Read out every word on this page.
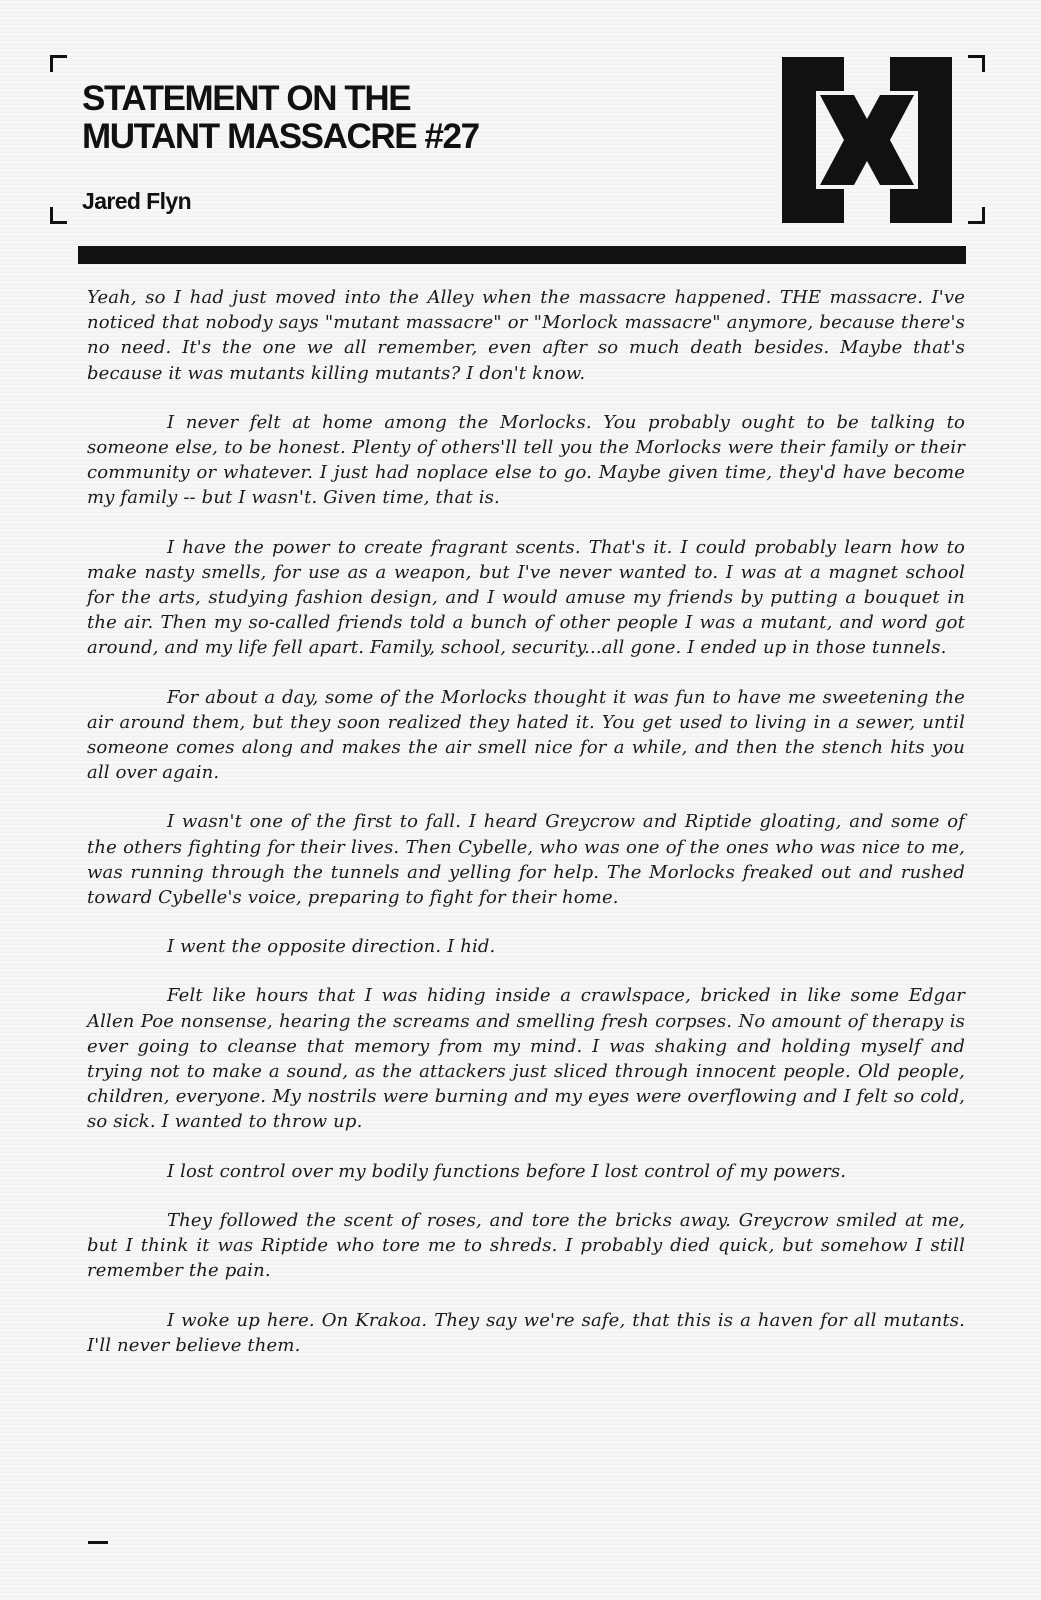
STATEMENT ON THE
MUTANT MASSACRE #27
Jared Flyn

Yeah, so I had just moved into the Alley when the massacre happened. THE massacre. I've noticed that nobody says "mutant massacre" or "Morlock massacre" anymore, because there's no need. It's the one we all remember, even after so much death besides. Maybe that's because it was mutants killing mutants? I don't know.

I never felt at home among the Morlocks. You probably ought to be talking to someone else, to be honest. Plenty of others'll tell you the Morlocks were their family or their community or whatever. I just had noplace else to go. Maybe given time, they'd have become my family -- but I wasn't. Given time, that is.

I have the power to create fragrant scents. That's it. I could probably learn how to make nasty smells, for use as a weapon, but I've never wanted to. I was at a magnet school for the arts, studying fashion design, and I would amuse my friends by putting a bouquet in the air. Then my so-called friends told a bunch of other people I was a mutant, and word got around, and my life fell apart. Family, school, security...all gone. I ended up in those tunnels.

For about a day, some of the Morlocks thought it was fun to have me sweetening the air around them, but they soon realized they hated it. You get used to living in a sewer, until someone comes along and makes the air smell nice for a while, and then the stench hits you all over again.

I wasn't one of the first to fall. I heard Greycrow and Riptide gloating, and some of the others fighting for their lives. Then Cybelle, who was one of the ones who was nice to me, was running through the tunnels and yelling for help. The Morlocks freaked out and rushed toward Cybelle's voice, preparing to fight for their home.

I went the opposite direction. I hid.

Felt like hours that I was hiding inside a crawlspace, bricked in like some Edgar Allen Poe nonsense, hearing the screams and smelling fresh corpses. No amount of therapy is ever going to cleanse that memory from my mind. I was shaking and holding myself and trying not to make a sound, as the attackers just sliced through innocent people. Old people, children, everyone. My nostrils were burning and my eyes were overflowing and I felt so cold, so sick. I wanted to throw up.

I lost control over my bodily functions before I lost control of my powers.

They followed the scent of roses, and tore the bricks away. Greycrow smiled at me, but I think it was Riptide who tore me to shreds. I probably died quick, but somehow I still remember the pain.

I woke up here. On Krakoa. They say we're safe, that this is a haven for all mutants. I'll never believe them.
